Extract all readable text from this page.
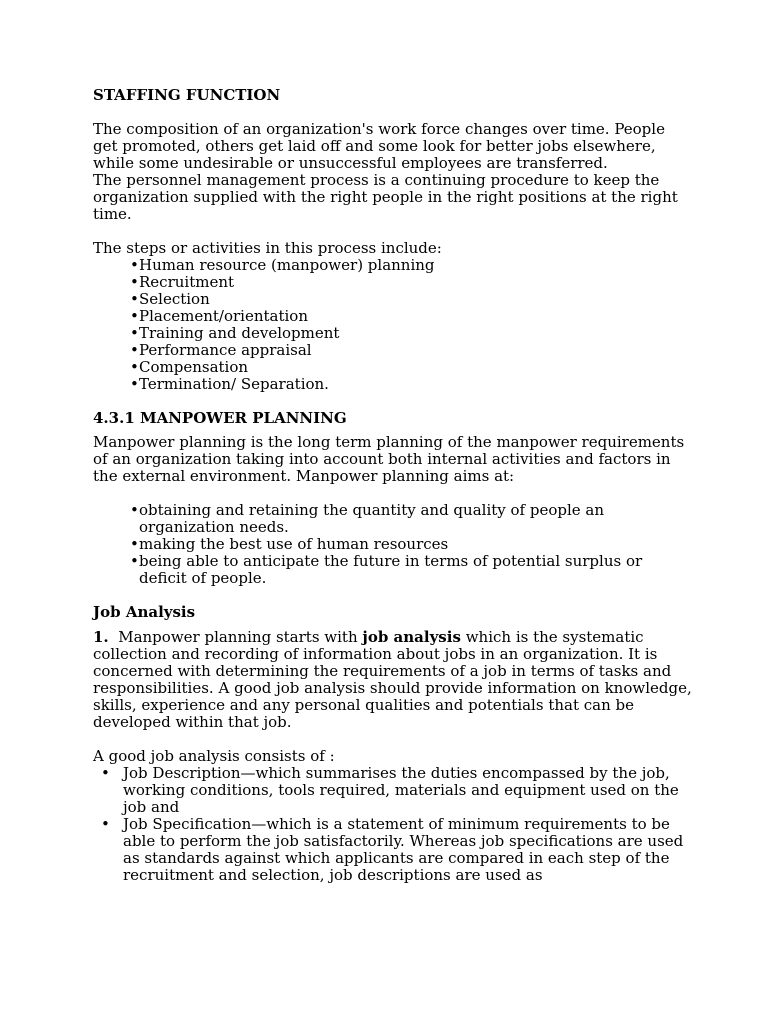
STAFFING FUNCTION

The composition of an organization's work force changes over time. People get promoted, others get laid off and some look for better jobs elsewhere, while some undesirable or unsuccessful employees are transferred.

The personnel management process is a continuing procedure to keep the organization supplied with the right people in the right positions at the right time.

The steps or activities in this process include:

• Human resource (manpower) planning
• Recruitment
• Selection
• Placement/orientation
• Training and development
• Performance appraisal
• Compensation
• Termination/ Separation.

4.3.1 MANPOWER PLANNING

Manpower planning is the long term planning of the manpower requirements of an organization taking into account both internal activities and factors in the external environment. Manpower planning aims at:

• obtaining and retaining the quantity and quality of people an organization needs.
• making the best use of human resources
• being able to anticipate the future in terms of potential surplus or deficit of people.

Job Analysis

1. Manpower planning starts with job analysis which is the systematic collection and recording of information about jobs in an organization. It is concerned with determining the requirements of a job in terms of tasks and responsibilities. A good job analysis should provide information on knowledge, skills, experience and any personal qualities and potentials that can be developed within that job.

A good job analysis consists of :

• Job Description—which summarises the duties encompassed by the job, working conditions, tools required, materials and equipment used on the job and
• Job Specification—which is a statement of minimum requirements to be able to perform the job satisfactorily. Whereas job specifications are used as standards against which applicants are compared in each step of the recruitment and selection, job descriptions are used as
